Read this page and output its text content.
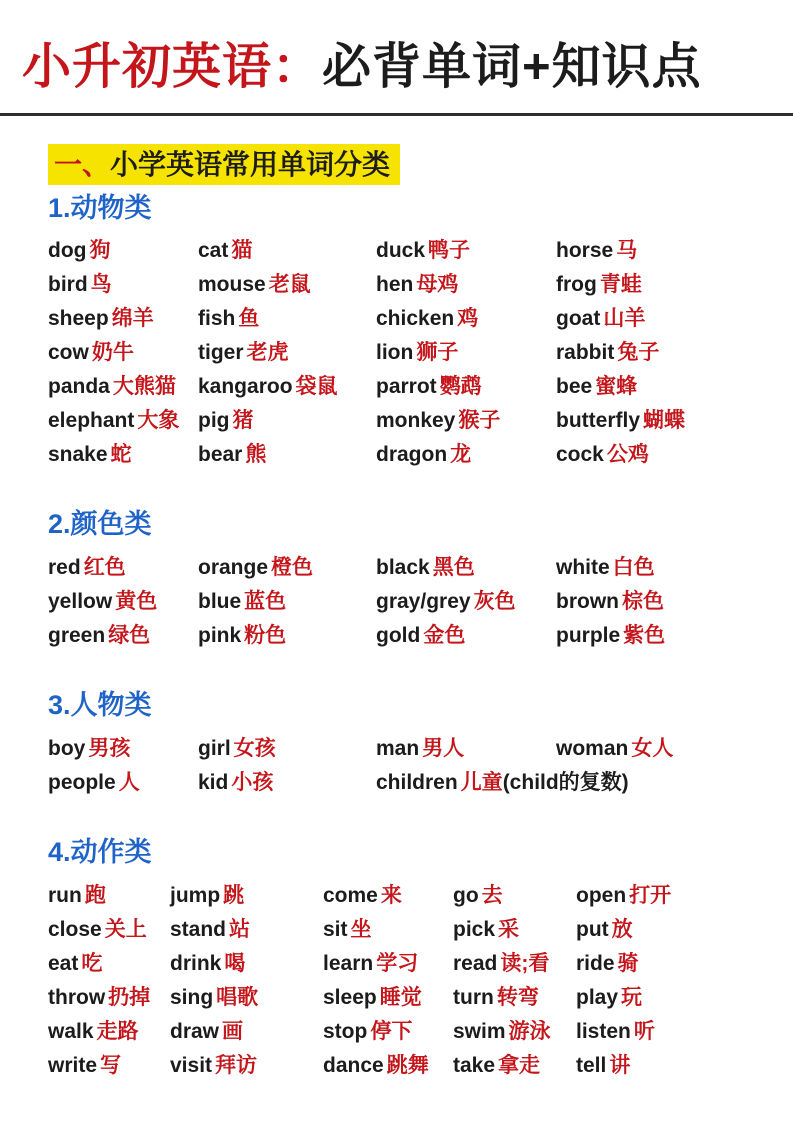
小升初英语：必背单词+知识点
一、小学英语常用单词分类
1.动物类
dog 狗	cat 猫	duck 鸭子	horse 马
bird 鸟	mouse 老鼠	hen 母鸡	frog 青蛙
sheep 绵羊	fish 鱼	chicken 鸡	goat 山羊
cow 奶牛	tiger 老虎	lion 狮子	rabbit 兔子
panda 大熊猫	kangaroo 袋鼠	parrot 鹦鹉	bee 蜜蜂
elephant 大象 pig 猪	monkey 猴子	butterfly 蝴蝶
snake 蛇	bear 熊	dragon 龙	cock 公鸡
2.颜色类
red 红色	orange 橙色	black 黑色	white 白色
yellow 黄色	blue 蓝色	gray/grey 灰色	brown 棕色
green 绿色	pink 粉色	gold 金色	purple 紫色
3.人物类
boy 男孩	girl 女孩	man 男人	woman 女人
people 人	kid 小孩	children 儿童(child的复数)
4.动作类
run 跑	jump 跳	come 来	go 去	open 打开
close 关上	stand 站	sit 坐	pick 采	put 放
eat 吃	drink 喝	learn 学习	read 读;看	ride 骑
throw 扔掉 sing 唱歌	sleep 睡觉	turn 转弯	play 玩
walk 走路	draw 画	stop 停下	swim 游泳	listen 听
write 写	visit 拜访	dance 跳舞	take 拿走	tell 讲
